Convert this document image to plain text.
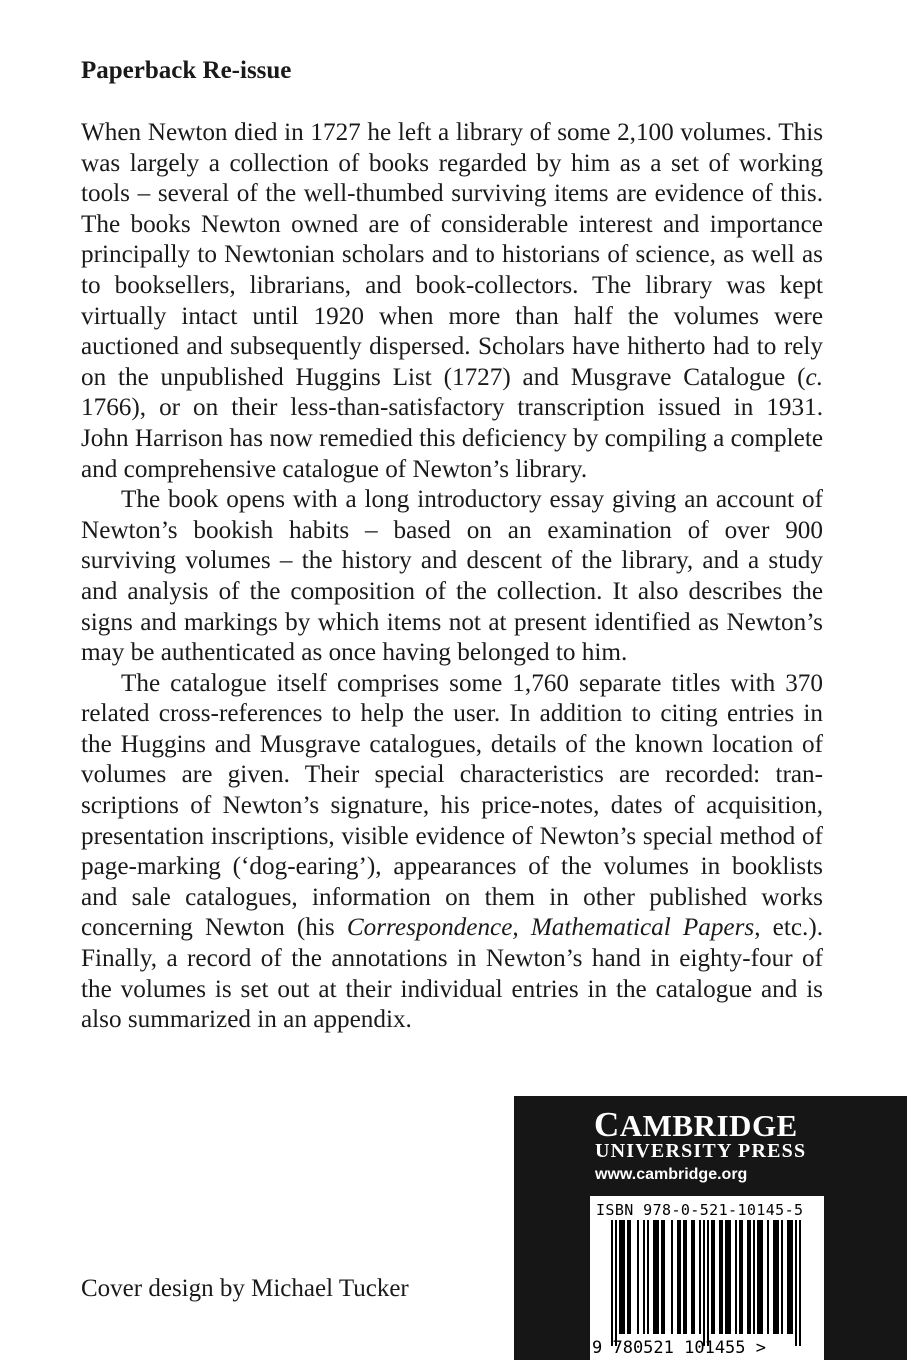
Paperback Re-issue

When Newton died in 1727 he left a library of some 2,100 volumes. This was largely a collection of books regarded by him as a set of working tools – several of the well-thumbed surviving items are evidence of this. The books Newton owned are of considerable interest and importance principally to Newtonian scholars and to historians of science, as well as to booksellers, librarians, and book-collectors. The library was kept virtually intact until 1920 when more than half the volumes were auctioned and subsequently dispersed. Scholars have hitherto had to rely on the unpublished Huggins List (1727) and Musgrave Catalogue (c. 1766), or on their less-than-satisfactory transcription issued in 1931. John Harrison has now remedied this deficiency by compiling a complete and comprehensive catalogue of Newton’s library.

The book opens with a long introductory essay giving an account of Newton’s bookish habits – based on an examination of over 900 surviving volumes – the history and descent of the library, and a study and analysis of the composition of the collection. It also describes the signs and markings by which items not at present identified as Newton’s may be authenticated as once having belonged to him.

The catalogue itself comprises some 1,760 separate titles with 370 related cross-references to help the user. In addition to citing entries in the Huggins and Musgrave catalogues, details of the known location of volumes are given. Their special characteristics are recorded: transcriptions of Newton’s signature, his price-notes, dates of acquisition, presentation inscriptions, visible evidence of Newton’s special method of page-marking (‘dog-earing’), appearances of the volumes in booklists and sale catalogues, information on them in other published works concerning Newton (his Correspondence, Mathematical Papers, etc.). Finally, a record of the annotations in Newton’s hand in eighty-four of the volumes is set out at their individual entries in the catalogue and is also summarized in an appendix.

Cover design by Michael Tucker

CAMBRIDGE

UNIVERSITY PRESS

www.cambridge.org

ISBN 978-0-521-10145-5

9 780521 101455 >
